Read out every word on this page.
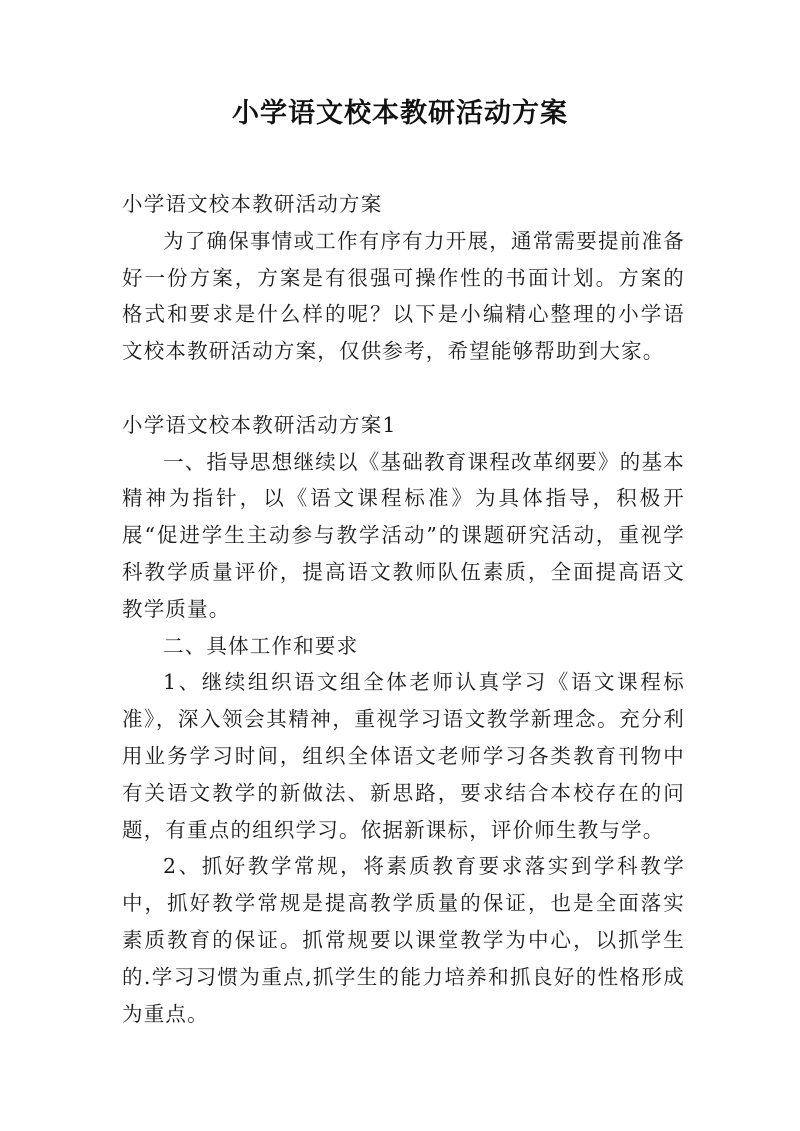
小学语文校本教研活动方案

小学语文校本教研活动方案

为了确保事情或工作有序有力开展，通常需要提前准备好一份方案，方案是有很强可操作性的书面计划。方案的格式和要求是什么样的呢？以下是小编精心整理的小学语文校本教研活动方案，仅供参考，希望能够帮助到大家。

小学语文校本教研活动方案1

一、指导思想继续以《基础教育课程改革纲要》的基本精神为指针，以《语文课程标准》为具体指导，积极开展“促进学生主动参与教学活动”的课题研究活动，重视学科教学质量评价，提高语文教师队伍素质，全面提高语文教学质量。

二、具体工作和要求

1、继续组织语文组全体老师认真学习《语文课程标准》，深入领会其精神，重视学习语文教学新理念。充分利用业务学习时间，组织全体语文老师学习各类教育刊物中有关语文教学的新做法、新思路，要求结合本校存在的问题，有重点的组织学习。依据新课标，评价师生教与学。

2、抓好教学常规，将素质教育要求落实到学科教学中，抓好教学常规是提高教学质量的保证，也是全面落实素质教育的保证。抓常规要以课堂教学为中心，以抓学生的.学习习惯为重点,抓学生的能力培养和抓良好的性格形成为重点。
